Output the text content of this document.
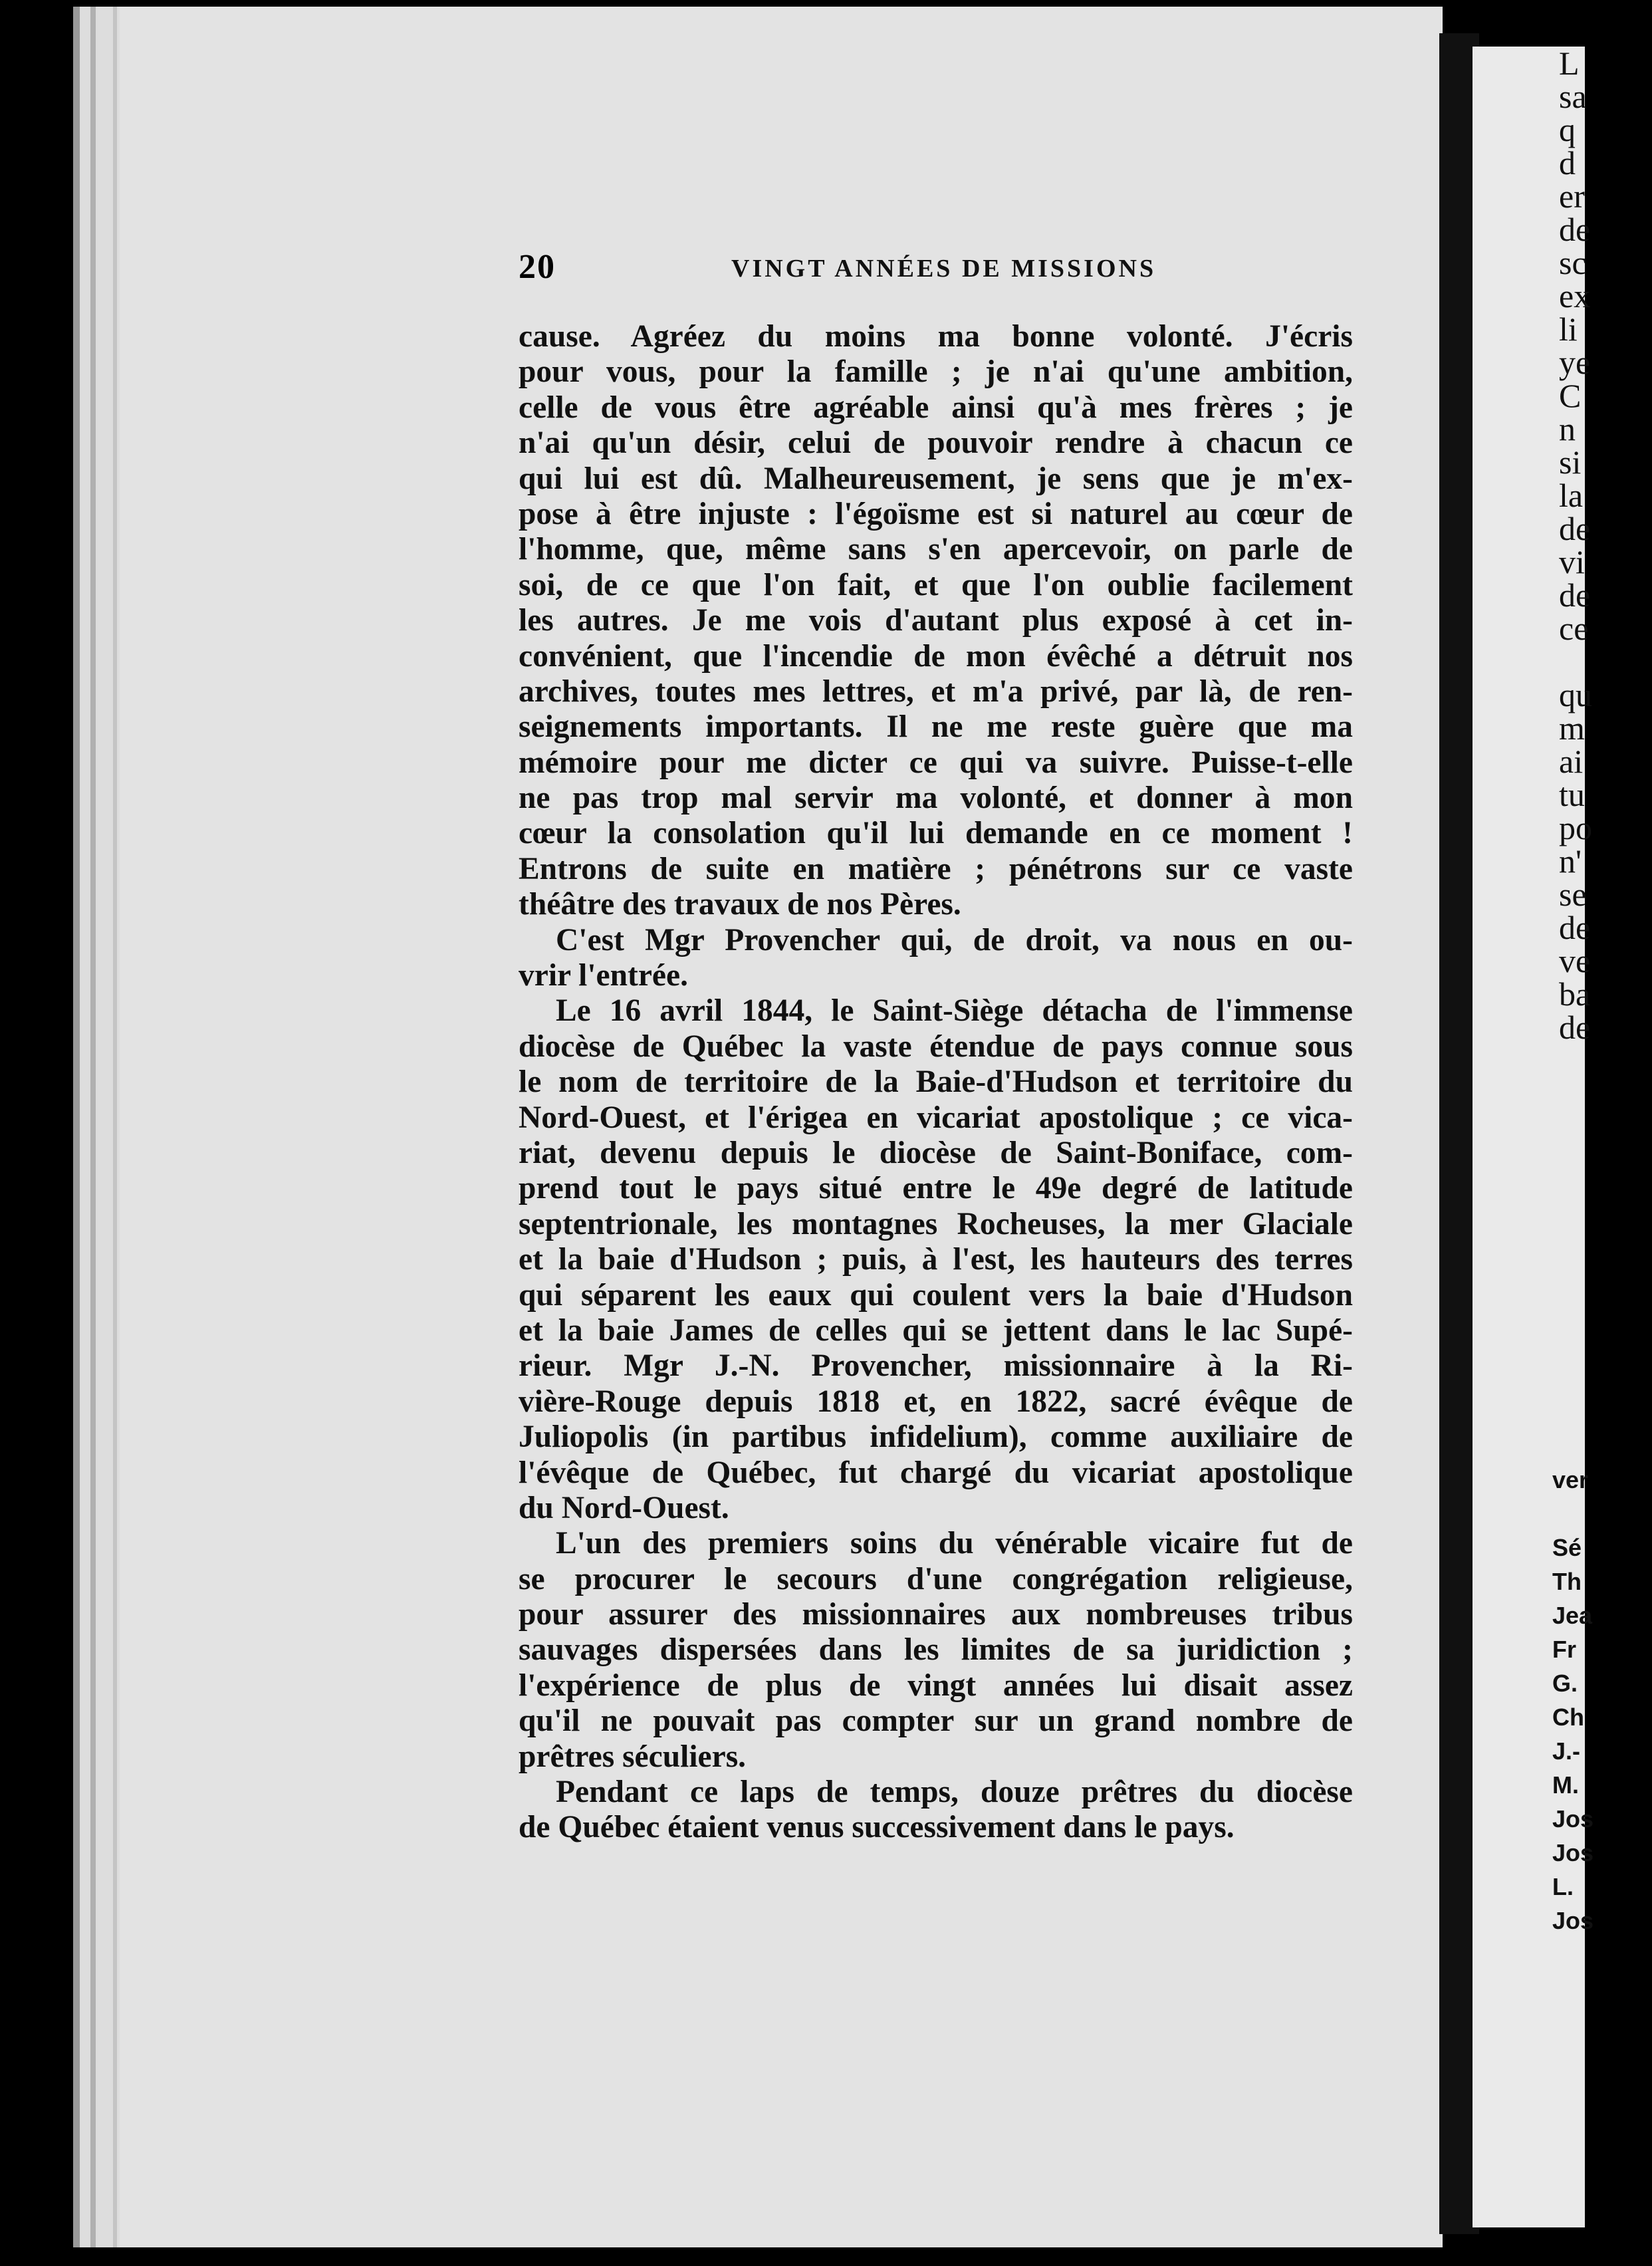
20	VINGT ANNÉES DE MISSIONS
cause. Agréez du moins ma bonne volonté. J'écris
pour vous, pour la famille ; je n'ai qu'une ambition,
celle de vous être agréable ainsi qu'à mes frères ; je
n'ai qu'un désir, celui de pouvoir rendre à chacun ce
qui lui est dû. Malheureusement, je sens que je m'ex-
pose à être injuste : l'égoïsme est si naturel au cœur de
l'homme, que, même sans s'en apercevoir, on parle de
soi, de ce que l'on fait, et que l'on oublie facilement
les autres. Je me vois d'autant plus exposé à cet in-
convénient, que l'incendie de mon évêché a détruit nos
archives, toutes mes lettres, et m'a privé, par là, de ren-
seignements importants. Il ne me reste guère que ma
mémoire pour me dicter ce qui va suivre. Puisse-t-elle
ne pas trop mal servir ma volonté, et donner à mon
cœur la consolation qu'il lui demande en ce moment !
Entrons de suite en matière ; pénétrons sur ce vaste
théâtre des travaux de nos Pères.
C'est Mgr Provencher qui, de droit, va nous en ou-
vrir l'entrée.
Le 16 avril 1844, le Saint-Siège détacha de l'immense
diocèse de Québec la vaste étendue de pays connue sous
le nom de territoire de la Baie-d'Hudson et territoire du
Nord-Ouest, et l'érigea en vicariat apostolique ; ce vica-
riat, devenu depuis le diocèse de Saint-Boniface, com-
prend tout le pays situé entre le 49e degré de latitude
septentrionale, les montagnes Rocheuses, la mer Glaciale
et la baie d'Hudson ; puis, à l'est, les hauteurs des terres
qui séparent les eaux qui coulent vers la baie d'Hudson
et la baie James de celles qui se jettent dans le lac Supé-
rieur. Mgr J.-N. Provencher, missionnaire à la Ri-
vière-Rouge depuis 1818 et, en 1822, sacré évêque de
Juliopolis (in partibus infidelium), comme auxiliaire de
l'évêque de Québec, fut chargé du vicariat apostolique
du Nord-Ouest.
L'un des premiers soins du vénérable vicaire fut de
se procurer le secours d'une congrégation religieuse,
pour assurer des missionnaires aux nombreuses tribus
sauvages dispersées dans les limites de sa juridiction ;
l'expérience de plus de vingt années lui disait assez
qu'il ne pouvait pas compter sur un grand nombre de
prêtres séculiers.
Pendant ce laps de temps, douze prêtres du diocèse
de Québec étaient venus successivement dans le pays.
L
sa
q
d
er
de
sc
ex
li
ye
C
n
si
la
de
vi
de
ce
qu
m
ai
tu
po
n'
se
de
ve
ba
de
ver
Sé
Th
Jea
Fr
G.
Ch
J.-
M.
Jos
Jos
L.
Jos
